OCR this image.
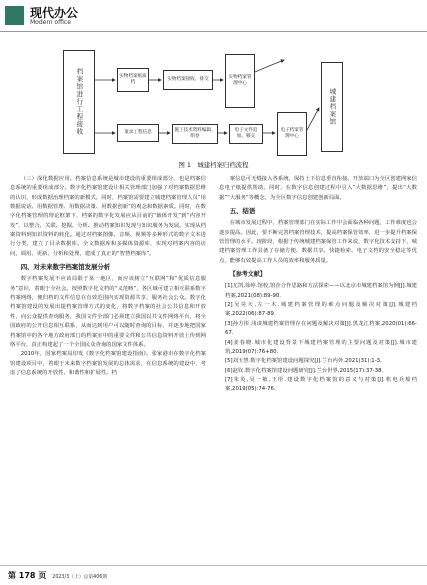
现代办公
Modern office
档案馆进行工程接收	实物档案纸质档
实物档案接收、排交	实物档案管理中心
童录工程信息	施工技术资料编辑、组卷
电子文件追加、移交
电子档案管理中心
城建档案馆
图 1　城建档案归档流程

（三）深化数据应用。档案信息系统是城市建设的重要组成部分，也是档案信息系统的重要组成部分。数字化档案馆建设让相关管理部门加强了对档案数据思维的认识，形成数据治理档案的新模式。同时，档案馆需要建立城建档案管理人员“用数据说话、用数据管理、用数据决策、用数据创新”的观念和数据素质。同时，在数字化档案管理的理论框架下，档案的数字化发展应从目前的“载体开发”到“内容开发”，以整合、关联、挖掘、分析、推动档案知识发现与知识服务为发展。实现从档案资料到知识资料的转化。通过对档案图像、音频、视频等多种形式的数字文本进行分类，建立了目录数据库。全文数据库和多媒体资源库，实现对档案内容的访问、调用、更新、分析和处理，建成了真正的“智慧档案库”。

四、对未来数字档案馆发展分析

数字档案发展不应该局限于某一地区，而应该树立“互联网”和“优质信息服务”意识，着眼于全社会。按照数字化文档的“义范畴”，各区域可建立相互联系数字档案网络，便归档的文件信息在有效范围内实现资源共享，服务社会公众。数字化档案馆建设的发展出提档案管理方式的变化，将数字档案的社会公共信息和开放性，向公众提供查询服务，我国文件全部门必须建立我国以共文件网络平台，将全国政府的公开信息相互联系，从而达到用户可以随时查询的目标，并逐步地把国家档案馆中的各个地方政府部门的档案室中的重要文件和公共信息资料开放上传到网络平台，真正构建起了一个全国民众查询的国家文件体系。

2010年，国家档案局印发《数字化档案馆建设指南》。张家港市在数字化档案馆建设项目中，着眼于未来数字档案馆发展的总体需求，在信息系统的建设中，考虑了信息系统的开放性、和谐性和扩展性。档

案信息可无缝接入各系统，保持上下信息垂直衔接。开放端口为全区创建网家信息电子纸提供帮助。同时，在数字信息创建过程中引入“大数据思维”，提出“大数据”“大服务”等概念，为全区数字信息创建创新局面。

五、结语

在城市发展过程中，档案管理部门在实际工作中会面临各种问题，工作难度也会逐步提高。因此，要不断完善档案管理技术，提高档案保管效率，进一步提升档案保管管理的水平。现阶段，根据于传统城建档案保管工作来说，数字化技术支持下，城建档案管理工作具备了存储方便、数据共享、快捷检索、电子文档的安全稳定等优点，能够有效提高工作人员的效率和服务质量。

【参考文献】

[1]尤凯,徐婷.馆校,馆企合作思路和方法探索——以北京市城建档案馆为例[J].城建档案,2021(08):89-90.

[2]吴昊天,左一木.城建档案管理的难点问题及解决对策[J].城建档案,2022(06):87-89.

[3]孙方彤.浅谈城建档案管理存在问题及解决对策[J].黑龙江档案,2020(01):66-67.

[4]姜春晓.城市化建设背景下城建档案管理的主要问题及对策[J].城市建筑,2019(07):76+80.

[5]刘玉慧.数字化档案馆建设问题探究[J].兰台内外,2021(31):1-3.

[6]赵钦.数字化档案馆建设问题研究[J].兰台世界,2015(17):37-38.

[7]朱英,吴一敏,王彤.建设数字化档案馆的意义与对策[J].机电兵船档案,2019(05):74-76.

第 178 页 2023/3（上）总第406期
